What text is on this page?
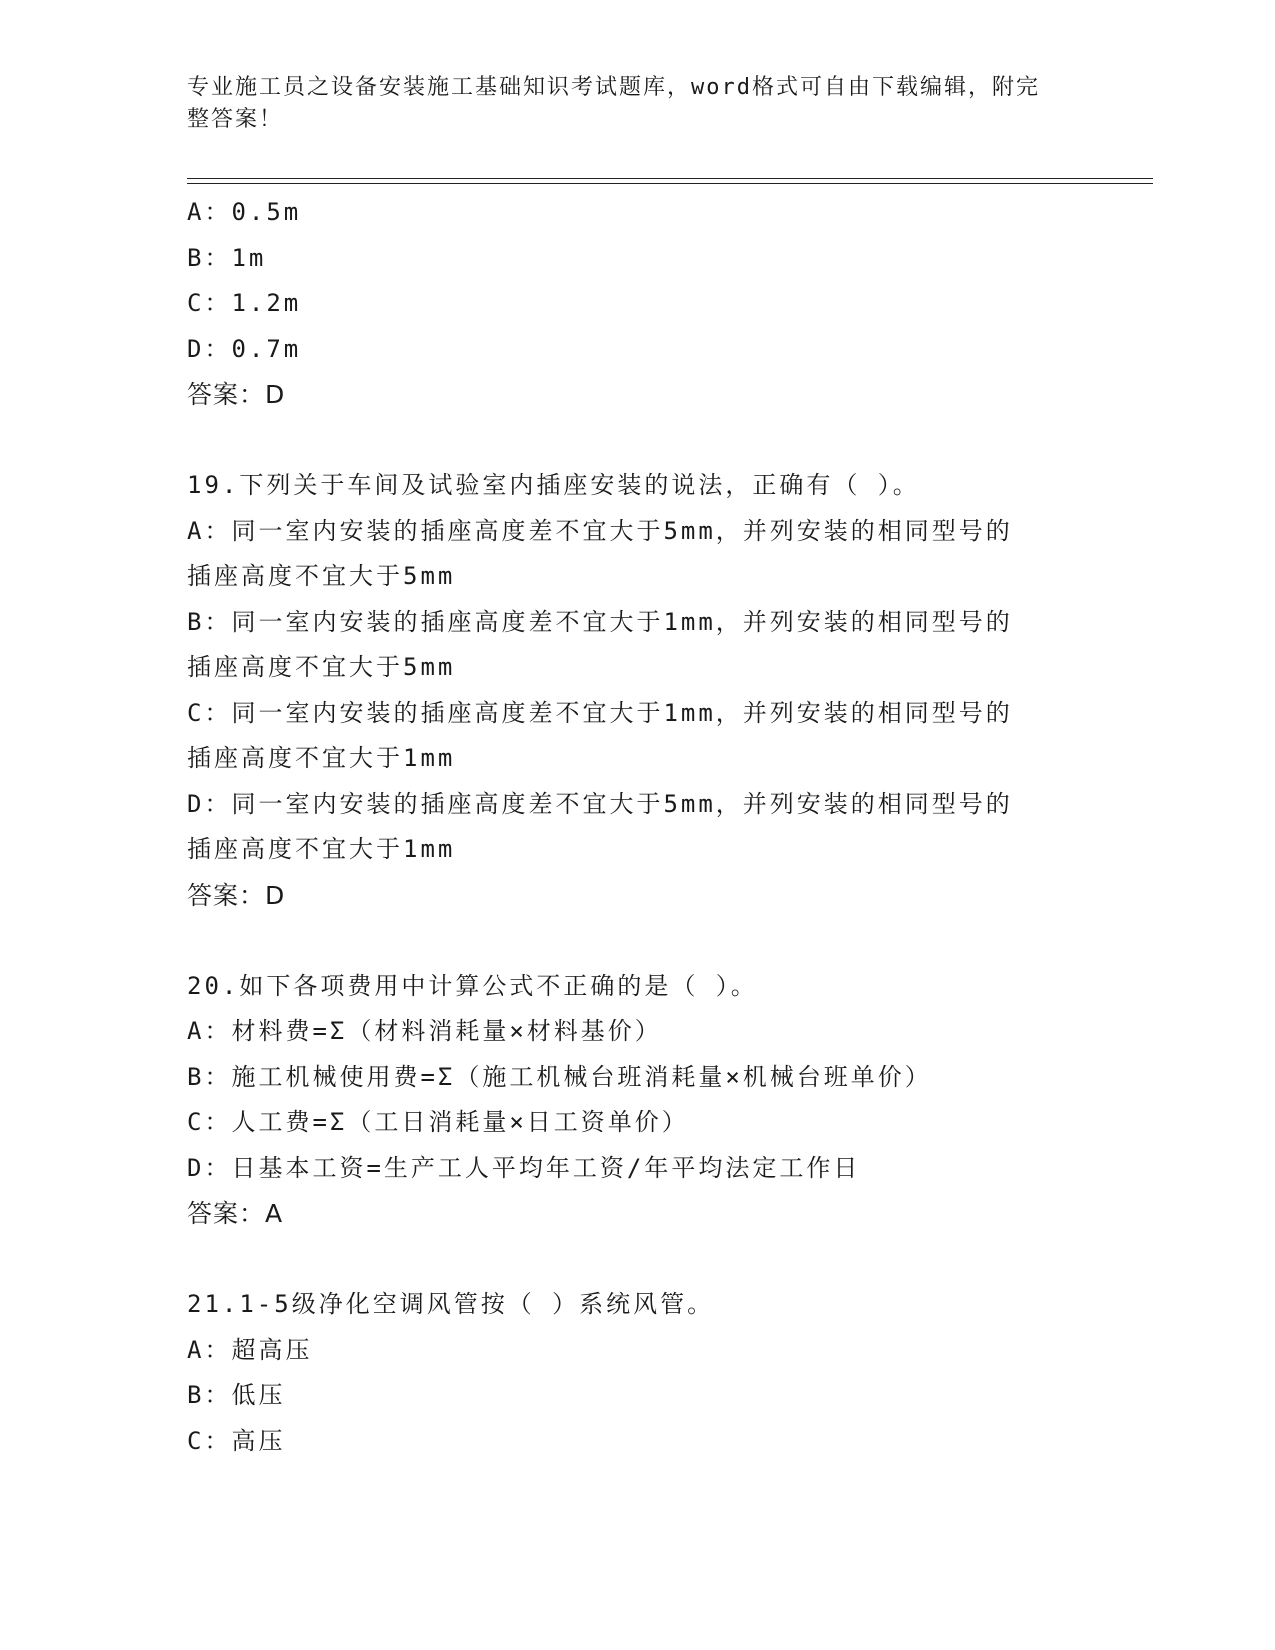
专业施工员之设备安装施工基础知识考试题库，word格式可自由下载编辑，附完
整答案！
A：0.5m
B：1m
C：1.2m
D：0.7m
答案：D
19.下列关于车间及试验室内插座安装的说法，正确有（ ）。
A：同一室内安装的插座高度差不宜大于5mm，并列安装的相同型号的
插座高度不宜大于5mm
B：同一室内安装的插座高度差不宜大于1mm，并列安装的相同型号的
插座高度不宜大于5mm
C：同一室内安装的插座高度差不宜大于1mm，并列安装的相同型号的
插座高度不宜大于1mm
D：同一室内安装的插座高度差不宜大于5mm，并列安装的相同型号的
插座高度不宜大于1mm
答案：D
20.如下各项费用中计算公式不正确的是（ ）。
A：材料费=Σ（材料消耗量×材料基价）
B：施工机械使用费=Σ（施工机械台班消耗量×机械台班单价）
C：人工费=Σ（工日消耗量×日工资单价）
D：日基本工资=生产工人平均年工资/年平均法定工作日
答案：A
21.1-5级净化空调风管按（ ）系统风管。
A：超高压
B：低压
C：高压
